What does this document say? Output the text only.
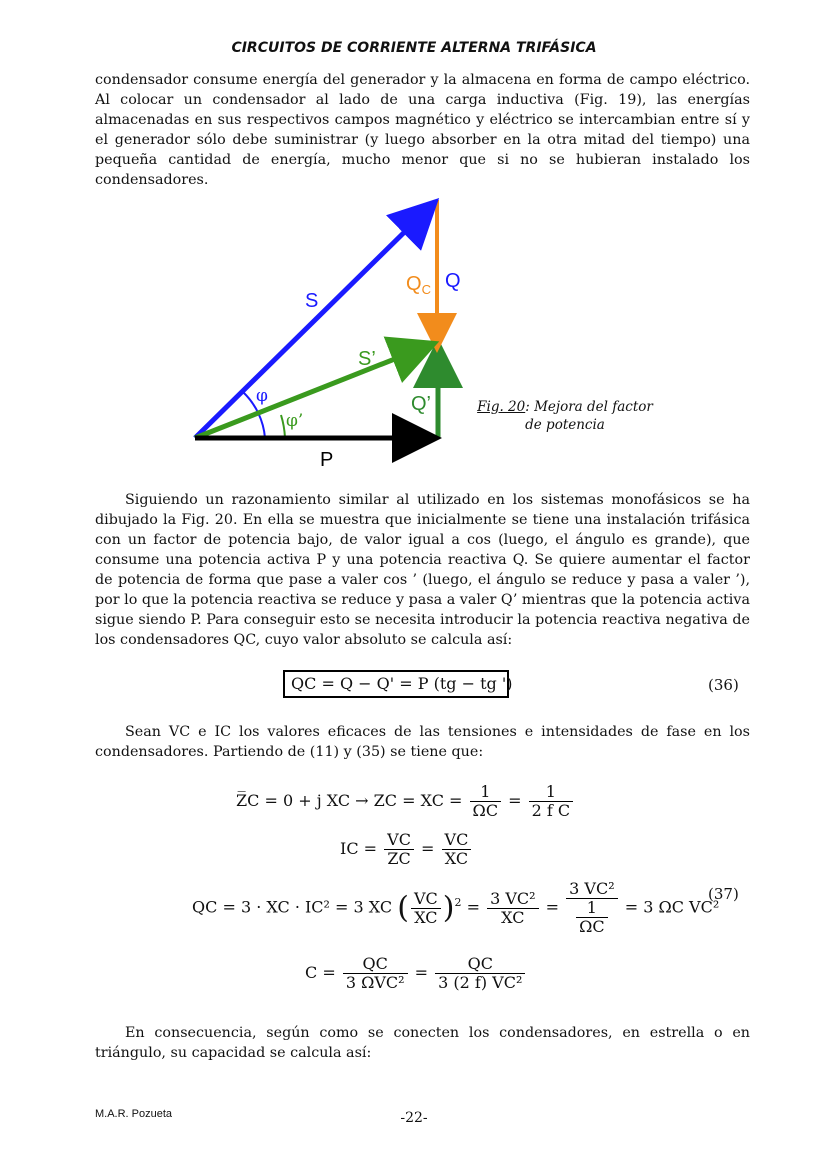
CIRCUITOS DE CORRIENTE ALTERNA TRIFÁSICA

condensador consume energía del generador y la almacena en forma de campo eléctrico. Al colocar un condensador al lado de una carga inductiva (Fig. 19), las energías almacenadas en sus respectivos campos magnético y eléctrico se intercambian entre sí y el generador sólo debe suministrar (y luego absorber en la otra mitad del tiempo) una pequeña cantidad de energía, mucho menor que si no se hubieran instalado los condensadores.

S
S’
$Q_C$ Q
Q’
P
φ
φ’
Fig. 20: Mejora del factor de potencia

Siguiendo un razonamiento similar al utilizado en los sistemas monofásicos se ha dibujado la Fig. 20. En ella se muestra que inicialmente se tiene una instalación trifásica con un factor de potencia bajo, de valor igual a cos (luego, el ángulo es grande), que consume una potencia activa P y una potencia reactiva Q. Se quiere aumentar el factor de potencia de forma que pase a valer cos ’ (luego, el ángulo se reduce y pasa a valer ’), por lo que la potencia reactiva se reduce y pasa a valer Q’ mientras que la potencia activa sigue siendo P. Para conseguir esto se necesita introducir la potencia reactiva negativa de los condensadores QC, cuyo valor absoluto se calcula así:

QC = Q − Q' = P (tg − tg ')	(36)

Sean VC e IC los valores eficaces de las tensiones e intensidades de fase en los condensadores. Partiendo de (11) y (35) se tiene que:

Z̅C = 0 + j XC → ZC = XC = $\frac{1}{\Omega C} = \frac{1}{\text{2 f C}}$
IC = $\frac{VC}{ZC} = \frac{VC}{XC}$
QC = 3 · XC · IC² = 3 XC ( $\frac{VC}{XC} )^2 = \frac{\text{3 VC²}}{XC} = \frac{\text{3 VC²}}{\frac{1}{\Omega C}} = 3$ ΩC VC²
(37)
$C = \frac{QC}{\text{3 ΩVC²}} = \frac{QC}{\text{3 (2 f) VC²}}$

En consecuencia, según como se conecten los condensadores, en estrella o en triángulo, su capacidad se calcula así:

M.A.R. Pozueta	-22-
